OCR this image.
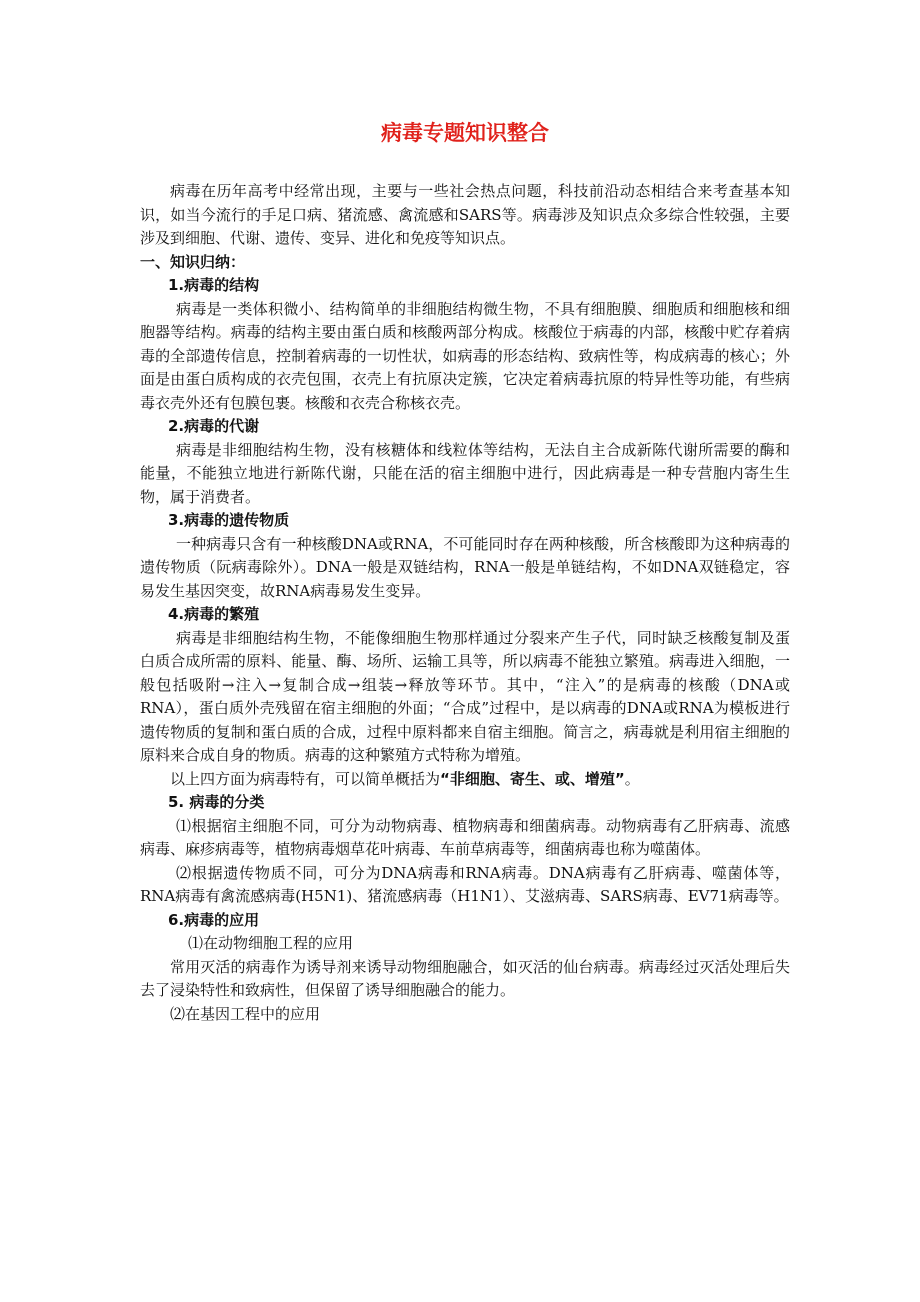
病毒专题知识整合

病毒在历年高考中经常出现，主要与一些社会热点问题，科技前沿动态相结合来考查基本知识，如当今流行的手足口病、猪流感、禽流感和SARS等。病毒涉及知识点众多综合性较强，主要涉及到细胞、代谢、遗传、变异、进化和免疫等知识点。

一、知识归纳：

1.病毒的结构

病毒是一类体积微小、结构简单的非细胞结构微生物，不具有细胞膜、细胞质和细胞核和细胞器等结构。病毒的结构主要由蛋白质和核酸两部分构成。核酸位于病毒的内部，核酸中贮存着病毒的全部遗传信息，控制着病毒的一切性状，如病毒的形态结构、致病性等，构成病毒的核心；外面是由蛋白质构成的衣壳包围，衣壳上有抗原决定簇，它决定着病毒抗原的特异性等功能，有些病毒衣壳外还有包膜包裹。核酸和衣壳合称核衣壳。

2.病毒的代谢

病毒是非细胞结构生物，没有核糖体和线粒体等结构，无法自主合成新陈代谢所需要的酶和能量，不能独立地进行新陈代谢，只能在活的宿主细胞中进行，因此病毒是一种专营胞内寄生生物，属于消费者。

3.病毒的遗传物质

一种病毒只含有一种核酸DNA或RNA，不可能同时存在两种核酸，所含核酸即为这种病毒的遗传物质（阮病毒除外）。DNA一般是双链结构，RNA一般是单链结构，不如DNA双链稳定，容易发生基因突变，故RNA病毒易发生变异。

4.病毒的繁殖

病毒是非细胞结构生物，不能像细胞生物那样通过分裂来产生子代，同时缺乏核酸复制及蛋白质合成所需的原料、能量、酶、场所、运输工具等，所以病毒不能独立繁殖。病毒进入细胞，一般包括吸附→注入→复制合成→组装→释放等环节。其中，“注入”的是病毒的核酸（DNA或RNA），蛋白质外壳残留在宿主细胞的外面；“合成”过程中，是以病毒的DNA或RNA为模板进行遗传物质的复制和蛋白质的合成，过程中原料都来自宿主细胞。简言之，病毒就是利用宿主细胞的原料来合成自身的物质。病毒的这种繁殖方式特称为增殖。

以上四方面为病毒特有，可以简单概括为“非细胞、寄生、或、增殖”。

5. 病毒的分类

⑴根据宿主细胞不同，可分为动物病毒、植物病毒和细菌病毒。动物病毒有乙肝病毒、流感病毒、麻疹病毒等，植物病毒烟草花叶病毒、车前草病毒等，细菌病毒也称为噬菌体。

⑵根据遗传物质不同，可分为DNA病毒和RNA病毒。DNA病毒有乙肝病毒、噬菌体等，RNA病毒有禽流感病毒(H5N1)、猪流感病毒（H1N1）、艾滋病毒、SARS病毒、EV71病毒等。

6.病毒的应用

⑴在动物细胞工程的应用

常用灭活的病毒作为诱导剂来诱导动物细胞融合，如灭活的仙台病毒。病毒经过灭活处理后失去了浸染特性和致病性，但保留了诱导细胞融合的能力。

⑵在基因工程中的应用
